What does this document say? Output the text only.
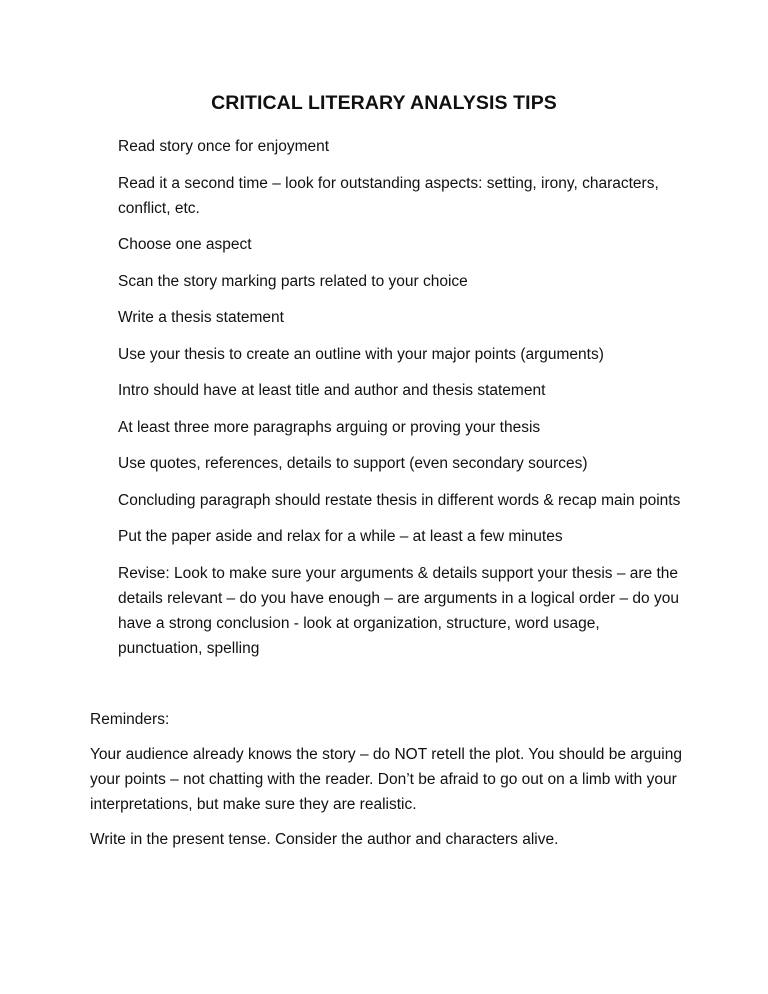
CRITICAL LITERARY ANALYSIS TIPS
Read story once for enjoyment
Read it a second time – look for outstanding aspects: setting, irony, characters, conflict, etc.
Choose one aspect
Scan the story marking parts related to your choice
Write a thesis statement
Use your thesis to create an outline with your major points (arguments)
Intro should have at least title and author and thesis statement
At least three more paragraphs arguing or proving your thesis
Use quotes, references, details to support (even secondary sources)
Concluding paragraph should restate thesis in different words & recap main points
Put the paper aside and relax for a while – at least a few minutes
Revise: Look to make sure your arguments & details support your thesis – are the details relevant – do you have enough – are arguments in a logical order – do you have a strong conclusion - look at organization, structure, word usage, punctuation, spelling

Reminders:

Your audience already knows the story – do NOT retell the plot. You should be arguing your points – not chatting with the reader. Don’t be afraid to go out on a limb with your interpretations, but make sure they are realistic.

Write in the present tense. Consider the author and characters alive.
